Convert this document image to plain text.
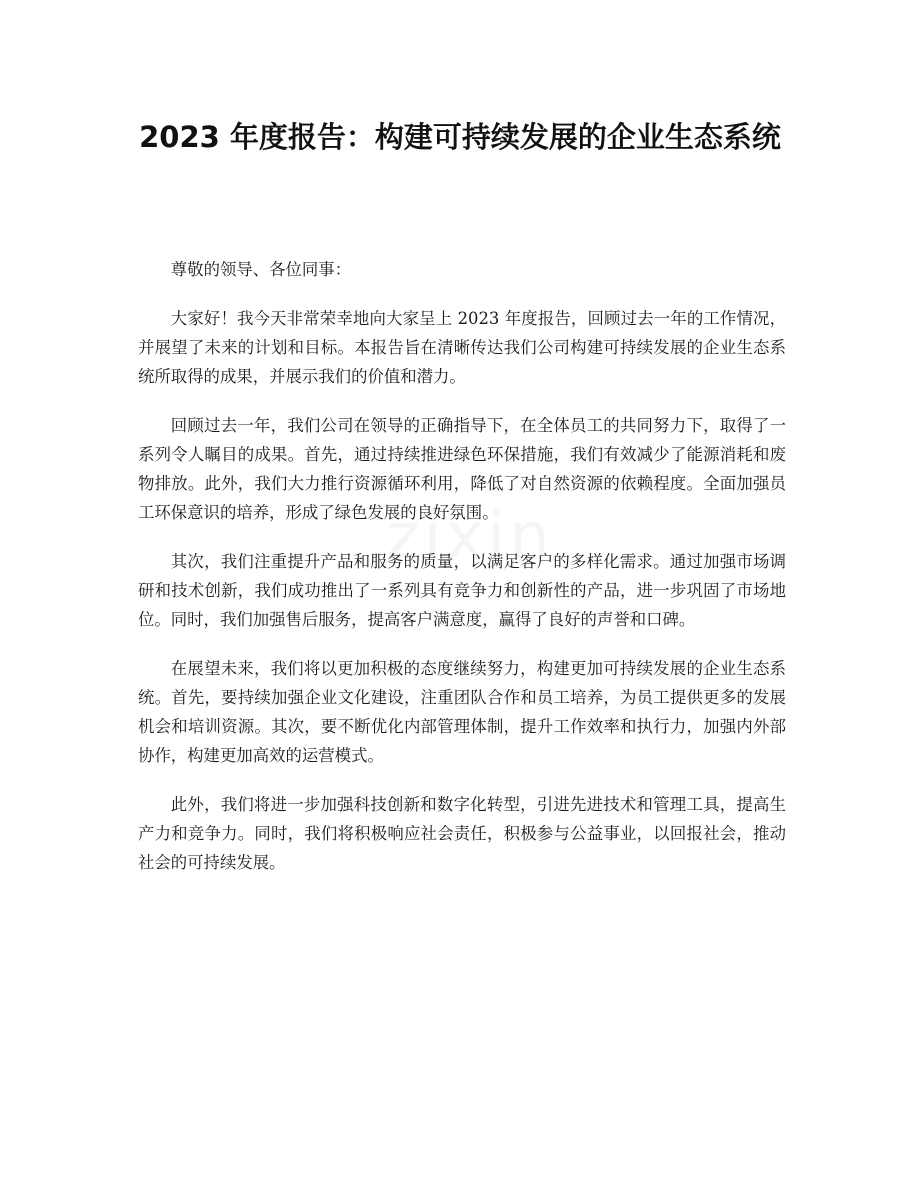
2023 年度报告：构建可持续发展的企业生态系统

尊敬的领导、各位同事：

大家好！我今天非常荣幸地向大家呈上 2023 年度报告，回顾过去一年的工作情况，并展望了未来的计划和目标。本报告旨在清晰传达我们公司构建可持续发展的企业生态系统所取得的成果，并展示我们的价值和潜力。

回顾过去一年，我们公司在领导的正确指导下，在全体员工的共同努力下，取得了一系列令人瞩目的成果。首先，通过持续推进绿色环保措施，我们有效减少了能源消耗和废物排放。此外，我们大力推行资源循环利用，降低了对自然资源的依赖程度。全面加强员工环保意识的培养，形成了绿色发展的良好氛围。

其次，我们注重提升产品和服务的质量，以满足客户的多样化需求。通过加强市场调研和技术创新，我们成功推出了一系列具有竞争力和创新性的产品，进一步巩固了市场地位。同时，我们加强售后服务，提高客户满意度，赢得了良好的声誉和口碑。

在展望未来，我们将以更加积极的态度继续努力，构建更加可持续发展的企业生态系统。首先，要持续加强企业文化建设，注重团队合作和员工培养，为员工提供更多的发展机会和培训资源。其次，要不断优化内部管理体制，提升工作效率和执行力，加强内外部协作，构建更加高效的运营模式。

此外，我们将进一步加强科技创新和数字化转型，引进先进技术和管理工具，提高生产力和竞争力。同时，我们将积极响应社会责任，积极参与公益事业，以回报社会，推动社会的可持续发展。
